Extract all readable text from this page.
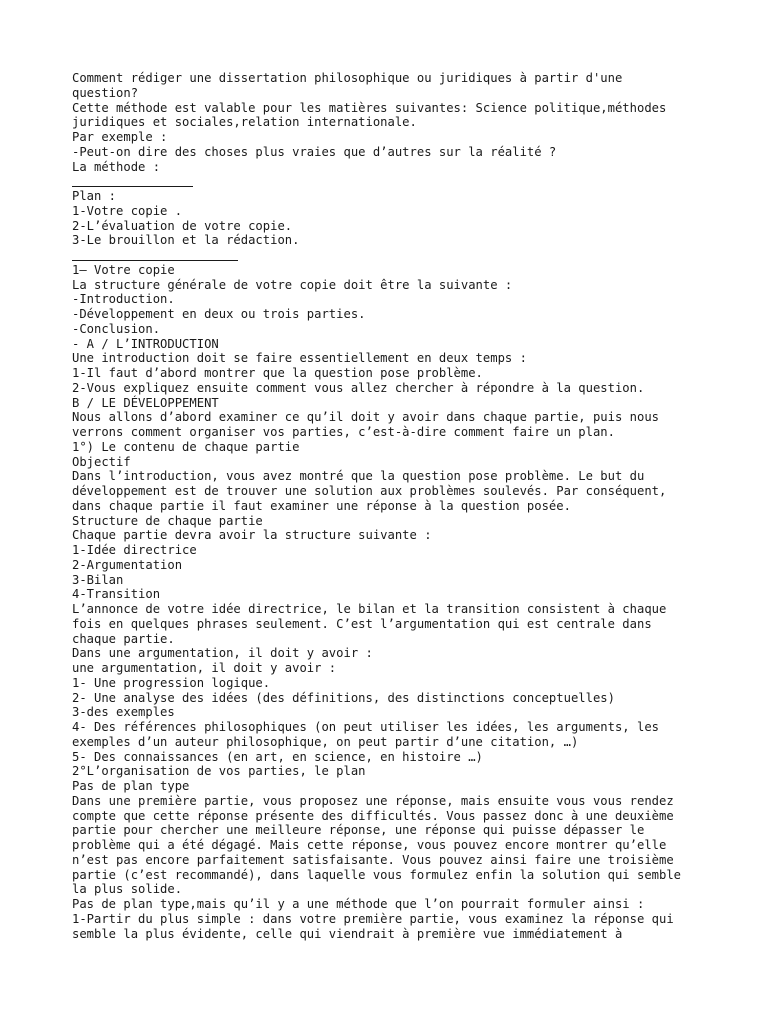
Comment rédiger une dissertation philosophique ou juridiques à partir d'une
question?
Cette méthode est valable pour les matières suivantes: Science politique,méthodes
juridiques et sociales,relation internationale.
Par exemple :
-Peut-on dire des choses plus vraies que d’autres sur la réalité ?
La méthode :
Plan :
1-Votre copie .
2-L’évaluation de votre copie.
3-Le brouillon et la rédaction.
1– Votre copie
La structure générale de votre copie doit être la suivante :
-Introduction.
-Développement en deux ou trois parties.
-Conclusion.
- A / L’INTRODUCTION
Une introduction doit se faire essentiellement en deux temps :
1-Il faut d’abord montrer que la question pose problème.
2-Vous expliquez ensuite comment vous allez chercher à répondre à la question.
B / LE DÉVELOPPEMENT
Nous allons d’abord examiner ce qu’il doit y avoir dans chaque partie, puis nous
verrons comment organiser vos parties, c’est-à-dire comment faire un plan.
1°) Le contenu de chaque partie
Objectif
Dans l’introduction, vous avez montré que la question pose problème. Le but du
développement est de trouver une solution aux problèmes soulevés. Par conséquent,
dans chaque partie il faut examiner une réponse à la question posée.
Structure de chaque partie
Chaque partie devra avoir la structure suivante :
1-Idée directrice
2-Argumentation
3-Bilan
4-Transition
L’annonce de votre idée directrice, le bilan et la transition consistent à chaque
fois en quelques phrases seulement. C’est l’argumentation qui est centrale dans
chaque partie.
Dans une argumentation, il doit y avoir :
une argumentation, il doit y avoir :
1- Une progression logique.
2- Une analyse des idées (des définitions, des distinctions conceptuelles)
3-des exemples
4- Des références philosophiques (on peut utiliser les idées, les arguments, les
exemples d’un auteur philosophique, on peut partir d’une citation, …)
5- Des connaissances (en art, en science, en histoire …)
2°L’organisation de vos parties, le plan
Pas de plan type
Dans une première partie, vous proposez une réponse, mais ensuite vous vous rendez
compte que cette réponse présente des difficultés. Vous passez donc à une deuxième
partie pour chercher une meilleure réponse, une réponse qui puisse dépasser le
problème qui a été dégagé. Mais cette réponse, vous pouvez encore montrer qu’elle
n’est pas encore parfaitement satisfaisante. Vous pouvez ainsi faire une troisième
partie (c’est recommandé), dans laquelle vous formulez enfin la solution qui semble
la plus solide.
Pas de plan type,mais qu’il y a une méthode que l’on pourrait formuler ainsi :
1-Partir du plus simple : dans votre première partie, vous examinez la réponse qui
semble la plus évidente, celle qui viendrait à première vue immédiatement à
